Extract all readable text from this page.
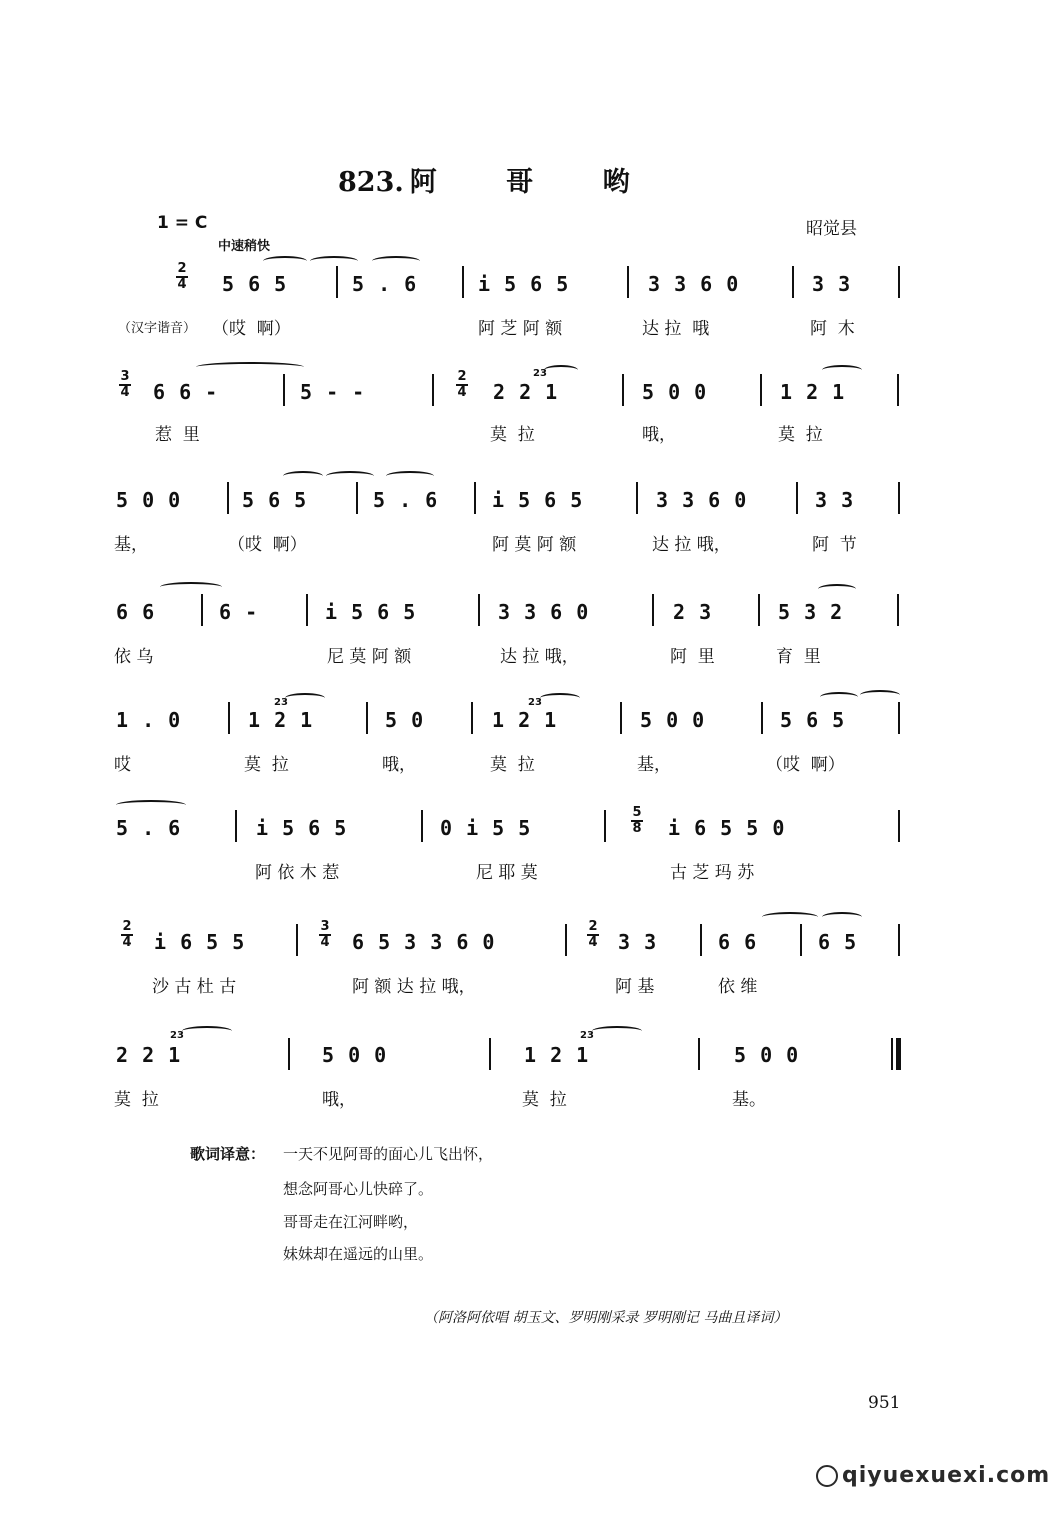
823. 阿 哥 哟
1 = C
中速稍快
昭觉县
2
4 5 6 5	5 . 6	i 5 6 5	3 3 6 0	3 3
（汉字谐音） （哎  啊）	阿 芝 阿 额	达 拉  哦	阿  木
3
4 6 6 -	5 - -
2
4
23
2 2 1	5 0 0	1 2 1
惹  里	莫  拉	哦，	莫  拉
5 0 0	5 6 5	5 . 6	i 5 6 5	3 3 6 0	3 3
基，	（哎  啊）	阿 莫 阿 额	达 拉 哦，	阿  节
6 6	6 -	i 5 6 5	3 3 6 0	2 3	5 3 2
依 乌	尼 莫 阿 额	达 拉 哦，	阿  里	育  里
1 . 0
23
1 2 1	5 0
23
1 2 1	5 0 0	5 6 5
哎	莫  拉	哦，	莫  拉	基，	（哎  啊）
5 . 6	i 5 6 5	0 i 5 5
5
8 i 6 5 5 0
阿 依 木 惹	尼 耶 莫	古 芝 玛 苏
2
4 i 6 5 5
3
4 6 5 3 3 6 0
2
4 3 3	6 6	6 5
沙 古 杜 古	阿 额 达 拉 哦，	阿 基	依 维
23
2 2 1	5 0 0
23
1 2 1	5 0 0
莫  拉	哦，	莫  拉	基。
歌词译意： 一天不见阿哥的面心儿飞出怀，
想念阿哥心儿快碎了。
哥哥走在江河畔哟，
妹妹却在遥远的山里。
（阿洛阿依唱 胡玉文、罗明刚采录 罗明刚记 马曲且译词）
951
qiyuexuexi.com
